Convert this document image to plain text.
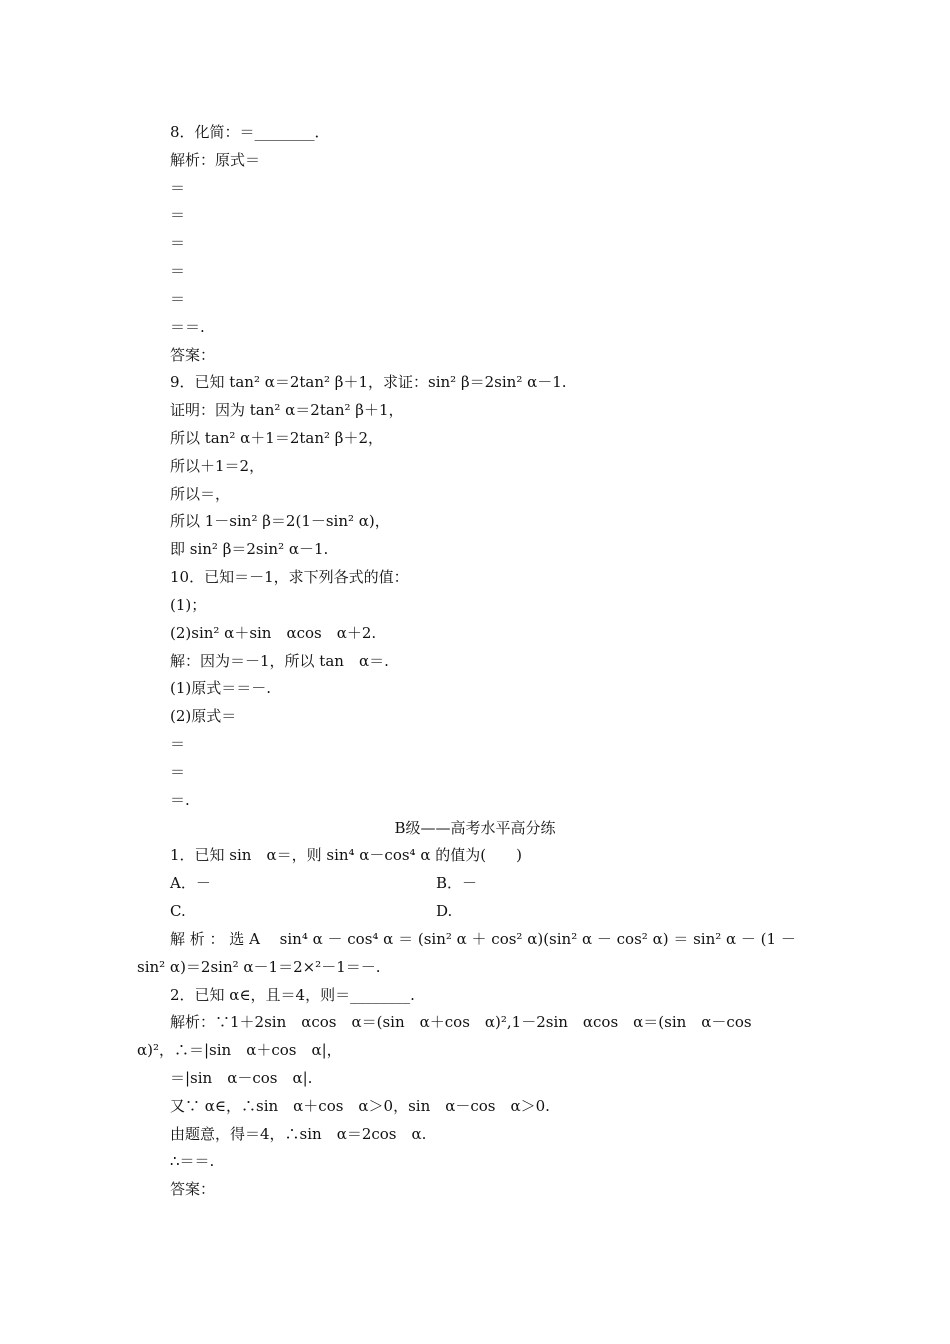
8．化简：＝________．
解析：原式＝
＝
＝
＝
＝
＝
＝＝.
答案：
9．已知 tan² α＝2tan² β＋1，求证：sin² β＝2sin² α－1.
证明：因为 tan² α＝2tan² β＋1，
所以 tan² α＋1＝2tan² β＋2，
所以＋1＝2，
所以＝，
所以 1－sin² β＝2(1－sin² α)，
即 sin² β＝2sin² α－1.
10．已知＝－1，求下列各式的值：
(1)；
(2)sin² α＋sin　αcos　α＋2.
解：因为＝－1，所以 tan　α＝.
(1)原式＝＝－.
(2)原式＝
＝
＝
＝.
B级——高考水平高分练
1．已知 sin　α＝，则 sin⁴ α－cos⁴ α 的值为(　　)
A．－	B．－
C.	D.
解 析 ： 选 A　 sin⁴ α － cos⁴ α ＝ (sin² α ＋ cos² α)(sin² α － cos² α) ＝ sin² α － (1 －
sin² α)＝2sin² α－1＝2×²－1＝－.
2．已知 α∈，且＝4，则＝________.
解析：∵1＋2sin　αcos　α＝(sin　α＋cos　α)²,1－2sin　αcos　α＝(sin　α－cos
α)²，∴＝|sin　α＋cos　α|，
＝|sin　α－cos　α|.
又∵ α∈，∴sin　α＋cos　α＞0，sin　α－cos　α＞0.
由题意，得＝4，∴sin　α＝2cos　α.
∴＝＝.
答案：
